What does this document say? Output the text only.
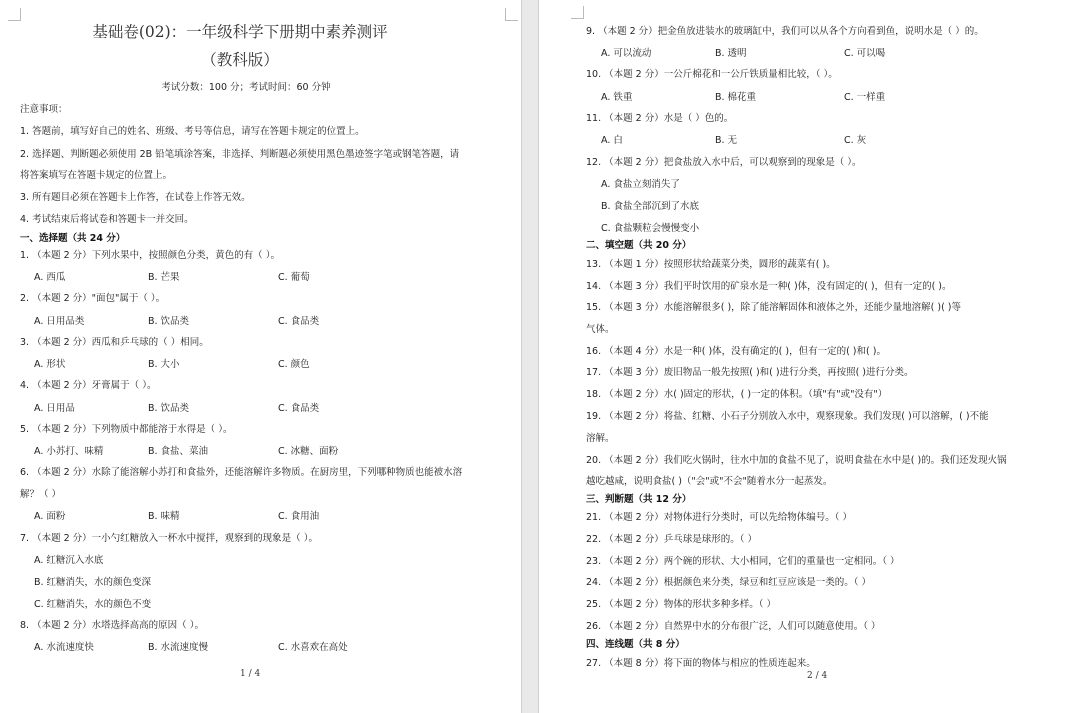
基础卷(02)：一年级科学下册期中素养测评
（教科版）
考试分数：100 分；考试时间：60 分钟
注意事项：
1. 答题前，填写好自己的姓名、班级、考号等信息，请写在答题卡规定的位置上。
2. 选择题、判断题必须使用 2B 铅笔填涂答案，非选择、判断题必须使用黑色墨迹签字笔或钢笔答题，请
将答案填写在答题卡规定的位置上。
3. 所有题目必须在答题卡上作答，在试卷上作答无效。
4. 考试结束后将试卷和答题卡一并交回。
一、选择题（共 24 分）
1. （本题 2 分）下列水果中，按照颜色分类，黄色的有（ ）。
A. 西瓜	B. 芒果	C. 葡萄
2. （本题 2 分）"面包"属于（ ）。
A. 日用品类	B. 饮品类	C. 食品类
3. （本题 2 分）西瓜和乒乓球的（ ）相同。
A. 形状	B. 大小	C. 颜色
4. （本题 2 分）牙膏属于（ ）。
A. 日用品	B. 饮品类	C. 食品类
5. （本题 2 分）下列物质中都能溶于水得是（ ）。
A. 小苏打、味精	B. 食盐、菜油	C. 冰糖、面粉
6. （本题 2 分）水除了能溶解小苏打和食盐外，还能溶解许多物质。在厨房里，下列哪种物质也能被水溶
解？（ ）
A. 面粉	B. 味精	C. 食用油
7. （本题 2 分）一小勺红糖放入一杯水中搅拌，观察到的现象是（ ）。
A. 红糖沉入水底
B. 红糖消失，水的颜色变深
C. 红糖消失，水的颜色不变
8. （本题 2 分）水塔选择高高的原因（ ）。
A. 水流速度快	B. 水流速度慢	C. 水喜欢在高处
1 / 4
9. （本题 2 分）把金鱼放进装水的玻璃缸中，我们可以从各个方向看到鱼，说明水是（ ）的。
A. 可以流动	B. 透明	C. 可以喝
10. （本题 2 分）一公斤棉花和一公斤铁质量相比较，（ ）。
A. 铁重	B. 棉花重	C. 一样重
11. （本题 2 分）水是（ ）色的。
A. 白	B. 无	C. 灰
12. （本题 2 分）把食盐放入水中后，可以观察到的现象是（ ）。
A. 食盐立刻消失了
B. 食盐全部沉到了水底
C. 食盐颗粒会慢慢变小
二、填空题（共 20 分）
13. （本题 1 分）按照形状给蔬菜分类，圆形的蔬菜有( )。
14. （本题 3 分）我们平时饮用的矿泉水是一种( )体，没有固定的( )，但有一定的( )。
15. （本题 3 分）水能溶解很多( )，除了能溶解固体和液体之外，还能少量地溶解( )( )等
气体。
16. （本题 4 分）水是一种( )体，没有确定的( )，但有一定的( )和( )。
17. （本题 3 分）废旧物品一般先按照( )和( )进行分类，再按照( )进行分类。
18. （本题 2 分）水( )固定的形状，( )一定的体积。（填"有"或"没有"）
19. （本题 2 分）将盐、红糖、小石子分别放入水中，观察现象。我们发现( )可以溶解，( )不能
溶解。
20. （本题 2 分）我们吃火锅时，往水中加的食盐不见了，说明食盐在水中是( )的。我们还发现火锅
越吃越咸，说明食盐( )（"会"或"不会"随着水分一起蒸发。
三、判断题（共 12 分）
21. （本题 2 分）对物体进行分类时，可以先给物体编号。（ ）
22. （本题 2 分）乒乓球是球形的。（ ）
23. （本题 2 分）两个碗的形状、大小相同，它们的重量也一定相同。（ ）
24. （本题 2 分）根据颜色来分类，绿豆和红豆应该是一类的。（ ）
25. （本题 2 分）物体的形状多种多样。（ ）
26. （本题 2 分）自然界中水的分布很广泛，人们可以随意使用。（ ）
四、连线题（共 8 分）
27. （本题 8 分）将下面的物体与相应的性质连起来。
2 / 4
